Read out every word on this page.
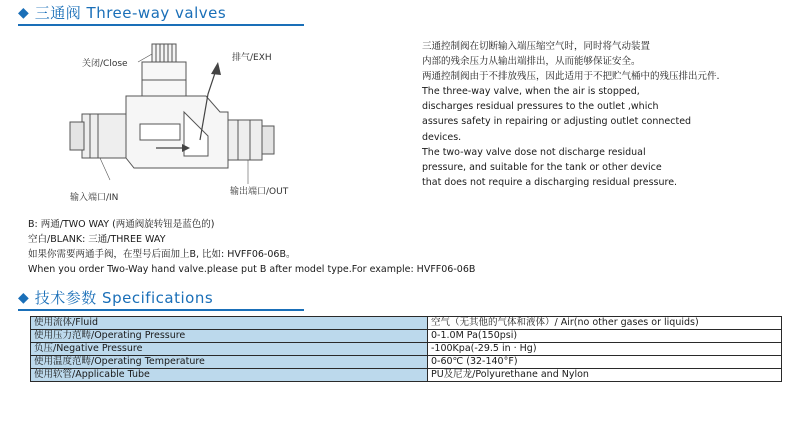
◆ 三通阀 Three-way valves
关闭/Close
排气/EXH
输入端口/IN
输出端口/OUT
三通控制阀在切断输入端压缩空气时，同时将气动装置
内部的残余压力从输出端排出，从而能够保证安全。
两通控制阀由于不排放残压，因此适用于不把贮气桶中的残压排出元件.
The three-way valve, when the air is stopped,
discharges residual pressures to the outlet ,which
assures safety in repairing or adjusting outlet connected
devices.
The two-way valve dose not discharge residual
pressure, and suitable for the tank or other device
that does not require a discharging residual pressure.
B: 两通/TWO WAY (两通阀旋转钮是蓝色的)
空白/BLANK: 三通/THREE WAY
如果你需要两通手阀，在型号后面加上B, 比如: HVFF06-06B。
When you order Two-Way hand valve.please put B after model type.For example: HVFF06-06B
◆ 技术参数 Specifications
使用流体/Fluid	空气（无其他的气体和液体）/ Air(no other gases or liquids)
使用压力范畴/Operating Pressure	0-1.0M Pa(150psi)
负压/Negative Pressure	-100Kpa(-29.5 in · Hg)
使用温度范畴/Operating Temperature	0-60℃ (32-140°F)
使用软管/Applicable Tube	PU及尼龙/Polyurethane and Nylon
